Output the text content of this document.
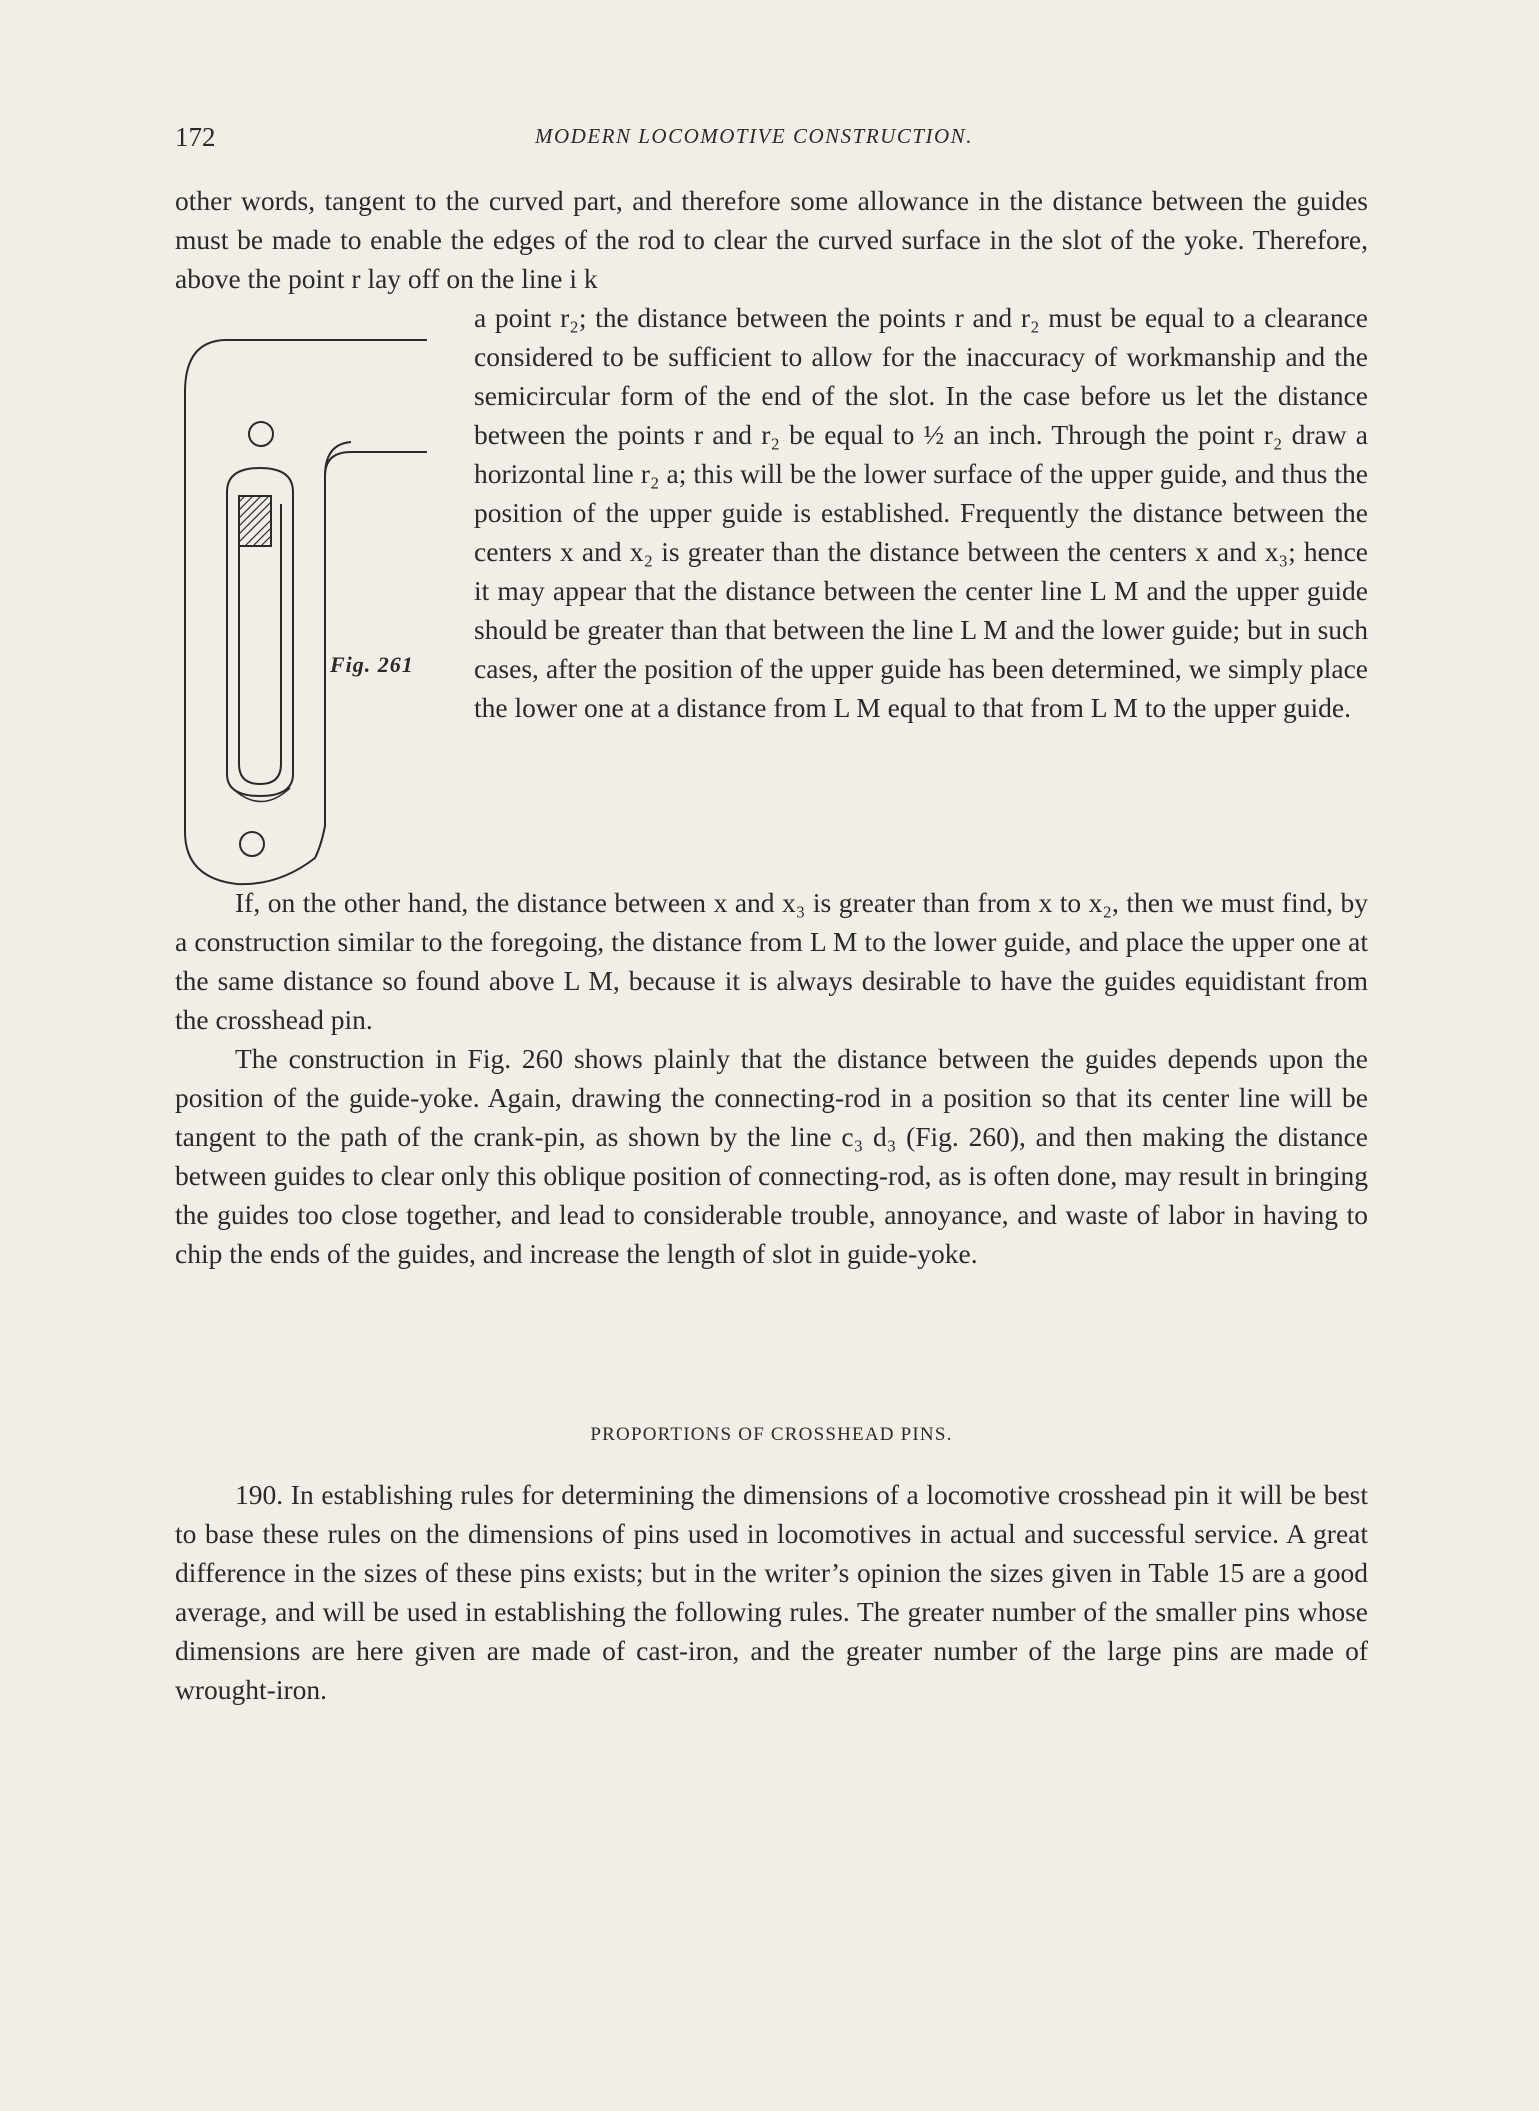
172	MODERN LOCOMOTIVE CONSTRUCTION.

other words, tangent to the curved part, and therefore some allowance in the distance between the guides must be made to enable the edges of the rod to clear the curved surface in the slot of the yoke. Therefore, above the point r lay off on the line i k

Fig. 261

a point r₂; the distance between the points r and r₂ must be equal to a clearance considered to be sufficient to allow for the inaccuracy of workmanship and the semicircular form of the end of the slot. In the case before us let the distance between the points r and r₂ be equal to ½ an inch. Through the point r₂ draw a horizontal line r₂ a; this will be the lower surface of the upper guide, and thus the position of the upper guide is established. Frequently the distance between the centers x and x₂ is greater than the distance between the centers x and x₃; hence it may appear that the distance between the center line L M and the upper guide should be greater than that between the line L M and the lower guide; but in such cases, after the position of the upper guide has been determined, we simply place the lower one at a distance from L M equal to that from L M to the upper guide.

If, on the other hand, the distance between x and x₃ is greater than from x to x₂, then we must find, by a construction similar to the foregoing, the distance from L M to the lower guide, and place the upper one at the same distance so found above L M, because it is always desirable to have the guides equidistant from the crosshead pin.

The construction in Fig. 260 shows plainly that the distance between the guides depends upon the position of the guide-yoke. Again, drawing the connecting-rod in a position so that its center line will be tangent to the path of the crank-pin, as shown by the line c₃ d₃ (Fig. 260), and then making the distance between guides to clear only this oblique position of connecting-rod, as is often done, may result in bringing the guides too close together, and lead to considerable trouble, annoyance, and waste of labor in having to chip the ends of the guides, and increase the length of slot in guide-yoke.

PROPORTIONS OF CROSSHEAD PINS.

190. In establishing rules for determining the dimensions of a locomotive crosshead pin it will be best to base these rules on the dimensions of pins used in locomotives in actual and successful service. A great difference in the sizes of these pins exists; but in the writer’s opinion the sizes given in Table 15 are a good average, and will be used in establishing the following rules. The greater number of the smaller pins whose dimensions are here given are made of cast-iron, and the greater number of the large pins are made of wrought-iron.
